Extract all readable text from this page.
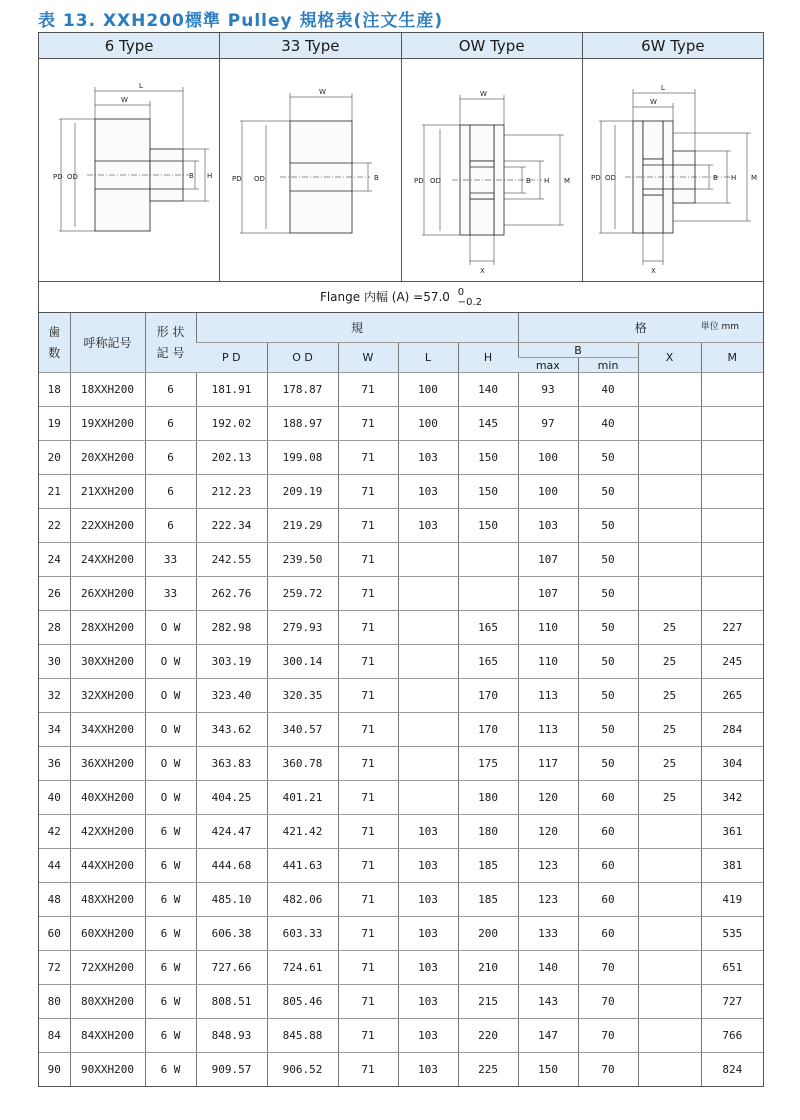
表 13. XXH200標準 Pulley 規格表(注文生産)
6 Type	33 Type	OW Type	6W Type
L
W
PD OD	B H
W
PD OD	B
W
PD OD	B H M
X
L
W
PD OD	B H M
X
Flange 内幅 (A) =57.0 0
−0.2
歯
数	呼称記号	形 状
記 号	規					格 単位 mm			

			P D	O D	W	L	H	B		X	M
								max	min		
18	18XXH200	6	181.91	178.87	71	100	140	93	40		
19	19XXH200	6	192.02	188.97	71	100	145	97	40		
20	20XXH200	6	202.13	199.08	71	103	150	100	50		
21	21XXH200	6	212.23	209.19	71	103	150	100	50		
22	22XXH200	6	222.34	219.29	71	103	150	103	50		
24	24XXH200	33	242.55	239.50	71			107	50		
26	26XXH200	33	262.76	259.72	71			107	50		
28	28XXH200	O W	282.98	279.93	71		165	110	50	25	227
30	30XXH200	O W	303.19	300.14	71		165	110	50	25	245
32	32XXH200	O W	323.40	320.35	71		170	113	50	25	265
34	34XXH200	O W	343.62	340.57	71		170	113	50	25	284
36	36XXH200	O W	363.83	360.78	71		175	117	50	25	304
40	40XXH200	O W	404.25	401.21	71		180	120	60	25	342
42	42XXH200	6 W	424.47	421.42	71	103	180	120	60		361
44	44XXH200	6 W	444.68	441.63	71	103	185	123	60		381
48	48XXH200	6 W	485.10	482.06	71	103	185	123	60		419
60	60XXH200	6 W	606.38	603.33	71	103	200	133	60		535
72	72XXH200	6 W	727.66	724.61	71	103	210	140	70		651
80	80XXH200	6 W	808.51	805.46	71	103	215	143	70		727
84	84XXH200	6 W	848.93	845.88	71	103	220	147	70		766
90	90XXH200	6 W	909.57	906.52	71	103	225	150	70		824
